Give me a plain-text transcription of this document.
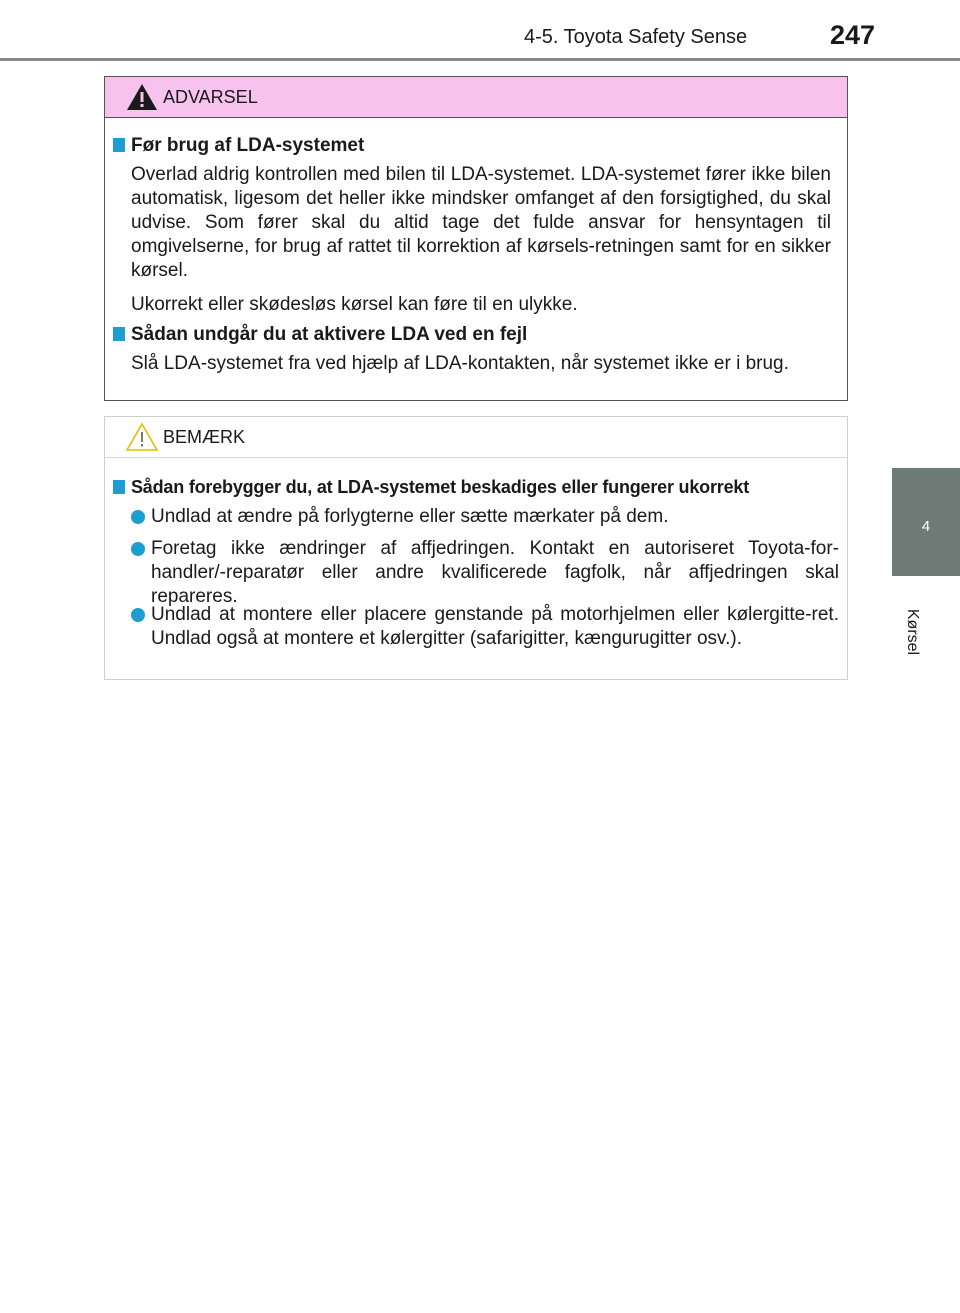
4-5. Toyota Safety Sense	247
4
Kørsel
ADVARSEL
Før brug af LDA-systemet
Overlad aldrig kontrollen med bilen til LDA-systemet. LDA-systemet fører ikke bilen automatisk, ligesom det heller ikke mindsker omfanget af den forsigtighed, du skal udvise. Som fører skal du altid tage det fulde ansvar for hensyntagen til omgivelserne, for brug af rattet til korrektion af kørsels-retningen samt for en sikker kørsel.
Ukorrekt eller skødesløs kørsel kan føre til en ulykke.
Sådan undgår du at aktivere LDA ved en fejl
Slå LDA-systemet fra ved hjælp af LDA-kontakten, når systemet ikke er i brug.
BEMÆRK
Sådan forebygger du, at LDA-systemet beskadiges eller fungerer ukorrekt
Undlad at ændre på forlygterne eller sætte mærkater på dem.
Foretag ikke ændringer af affjedringen. Kontakt en autoriseret Toyota-for-handler/-reparatør eller andre kvalificerede fagfolk, når affjedringen skal repareres.
Undlad at montere eller placere genstande på motorhjelmen eller kølergitte-ret. Undlad også at montere et kølergitter (safarigitter, kængurugitter osv.).
